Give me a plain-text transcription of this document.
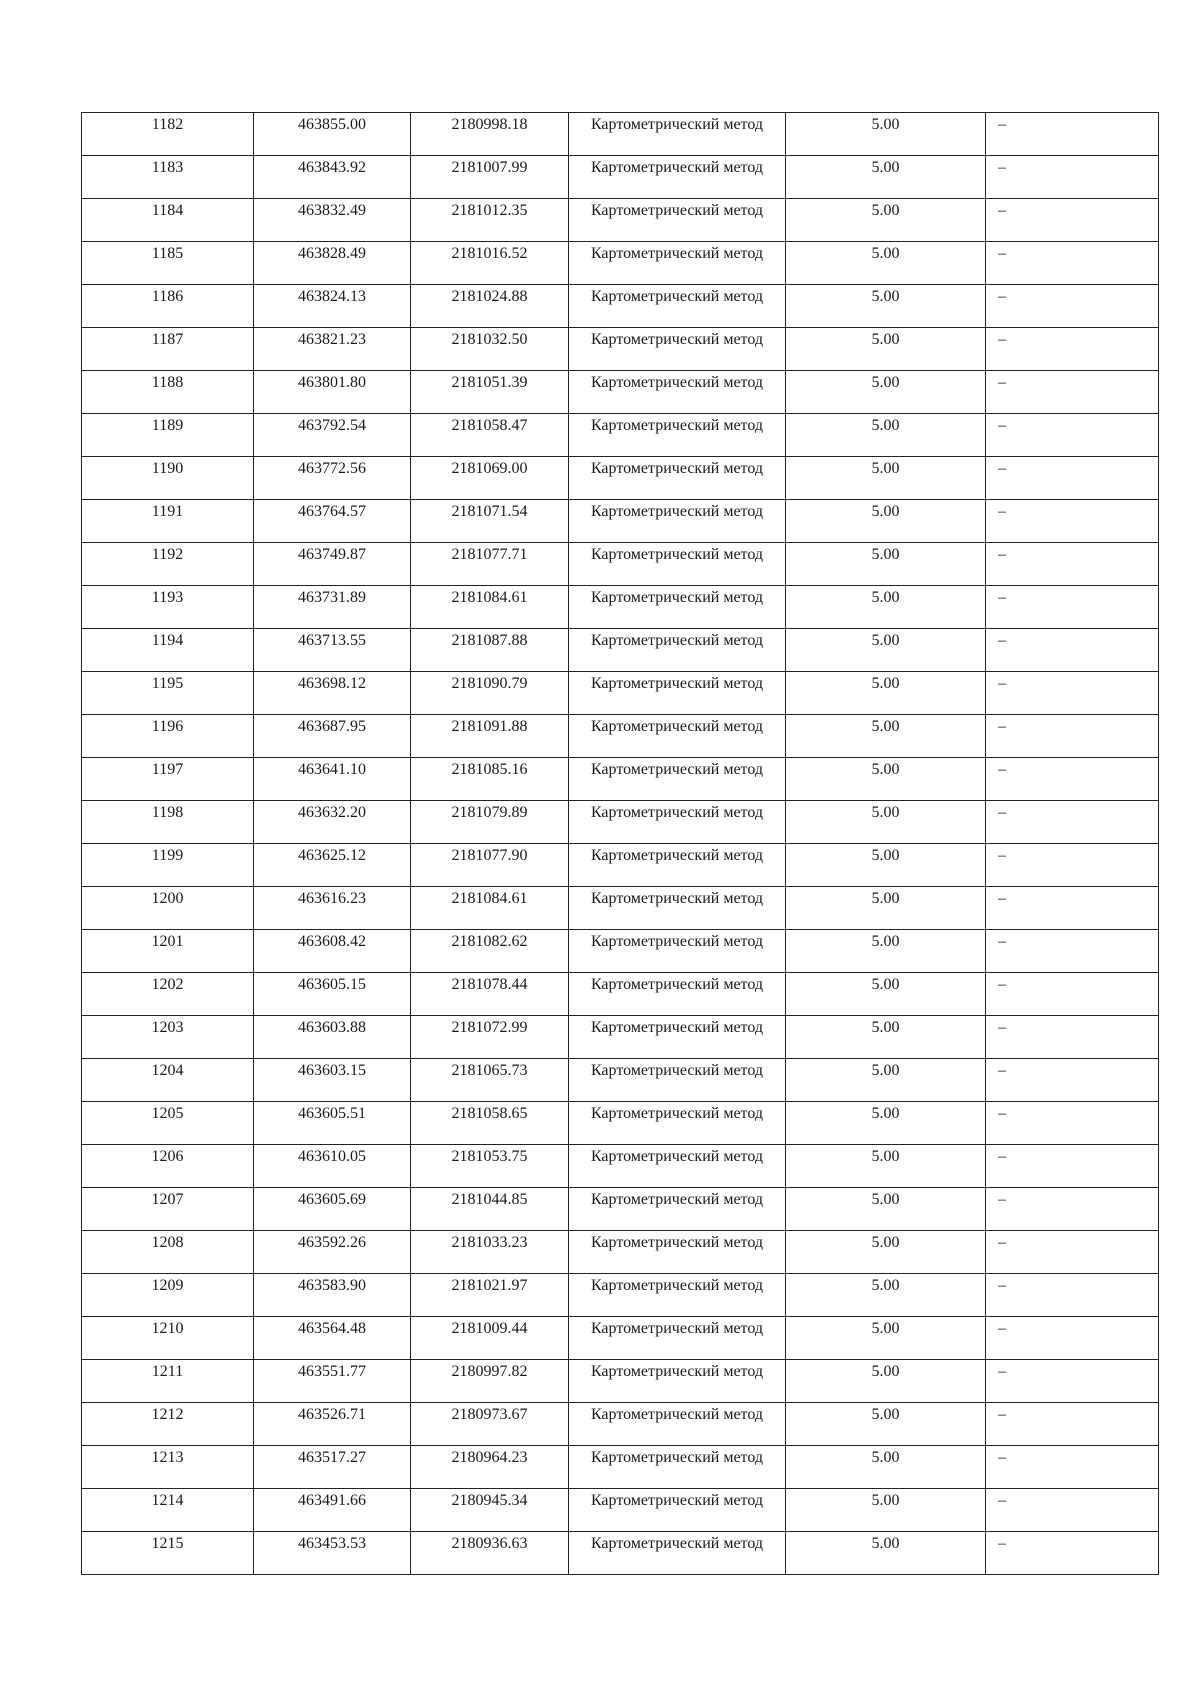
1182	463855.00	2180998.18	Картометрический метод	5.00	–

1183	463843.92	2181007.99	Картометрический метод	5.00	–

1184	463832.49	2181012.35	Картометрический метод	5.00	–

1185	463828.49	2181016.52	Картометрический метод	5.00	–

1186	463824.13	2181024.88	Картометрический метод	5.00	–

1187	463821.23	2181032.50	Картометрический метод	5.00	–

1188	463801.80	2181051.39	Картометрический метод	5.00	–

1189	463792.54	2181058.47	Картометрический метод	5.00	–

1190	463772.56	2181069.00	Картометрический метод	5.00	–

1191	463764.57	2181071.54	Картометрический метод	5.00	–

1192	463749.87	2181077.71	Картометрический метод	5.00	–

1193	463731.89	2181084.61	Картометрический метод	5.00	–

1194	463713.55	2181087.88	Картометрический метод	5.00	–

1195	463698.12	2181090.79	Картометрический метод	5.00	–

1196	463687.95	2181091.88	Картометрический метод	5.00	–

1197	463641.10	2181085.16	Картометрический метод	5.00	–

1198	463632.20	2181079.89	Картометрический метод	5.00	–

1199	463625.12	2181077.90	Картометрический метод	5.00	–

1200	463616.23	2181084.61	Картометрический метод	5.00	–

1201	463608.42	2181082.62	Картометрический метод	5.00	–

1202	463605.15	2181078.44	Картометрический метод	5.00	–

1203	463603.88	2181072.99	Картометрический метод	5.00	–

1204	463603.15	2181065.73	Картометрический метод	5.00	–

1205	463605.51	2181058.65	Картометрический метод	5.00	–

1206	463610.05	2181053.75	Картометрический метод	5.00	–

1207	463605.69	2181044.85	Картометрический метод	5.00	–

1208	463592.26	2181033.23	Картометрический метод	5.00	–

1209	463583.90	2181021.97	Картометрический метод	5.00	–

1210	463564.48	2181009.44	Картометрический метод	5.00	–

1211	463551.77	2180997.82	Картометрический метод	5.00	–

1212	463526.71	2180973.67	Картометрический метод	5.00	–

1213	463517.27	2180964.23	Картометрический метод	5.00	–

1214	463491.66	2180945.34	Картометрический метод	5.00	–

1215	463453.53	2180936.63	Картометрический метод	5.00	–
